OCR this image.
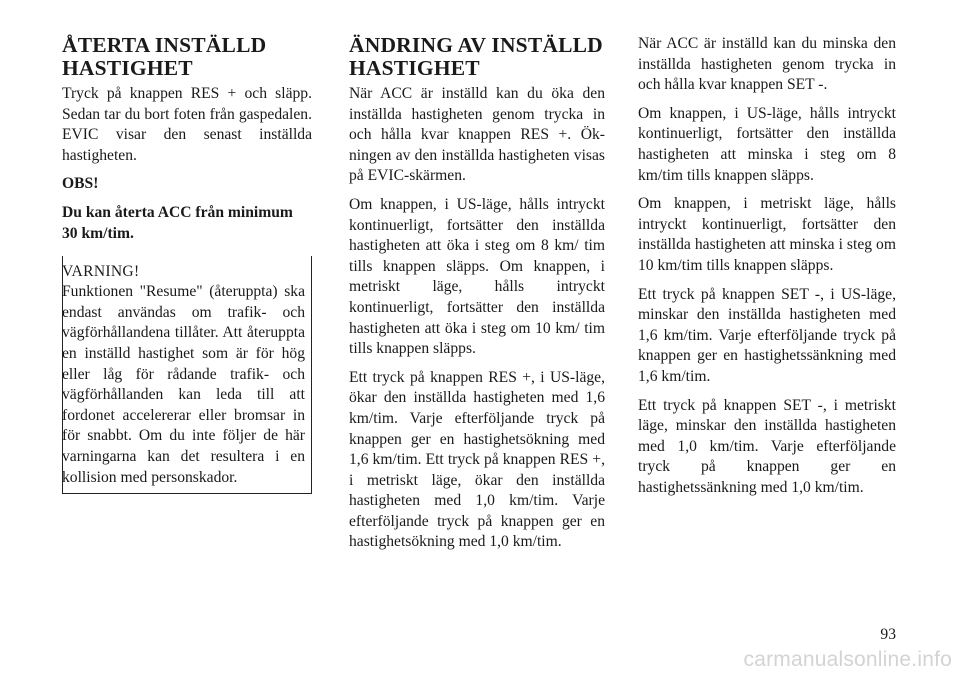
ÅTERTA INSTÄLLD HASTIGHET

Tryck på knappen RES + och släpp. Sedan tar du bort foten från gaspedalen. EVIC visar den senast inställda hastigheten.

OBS!

Du kan återta ACC från minimum 30 km/tim.

VARNING!

Funktionen "Resume" (återuppta) ska endast användas om trafik- och vägförhållandena tillåter. Att återuppta en inställd hastighet som är för hög eller låg för rådande trafik- och vägförhållanden kan leda till att fordonet accelererar eller bromsar in för snabbt. Om du inte följer de här varningarna kan det resultera i en kollision med personskador.

ÄNDRING AV INSTÄLLD HASTIGHET

När ACC är inställd kan du öka den inställda hastigheten genom trycka in och hålla kvar knappen RES +. Ökningen av den inställda hastigheten visas på EVIC-skärmen.

Om knappen, i US-läge, hålls intryckt kontinuerligt, fortsätter den inställda hastigheten att öka i steg om 8 km/ tim tills knappen släpps. Om knappen, i metriskt läge, hålls intryckt kontinuerligt, fortsätter den inställda hastigheten att öka i steg om 10 km/ tim tills knappen släpps.

Ett tryck på knappen RES +, i US-läge, ökar den inställda hastigheten med 1,6 km/tim. Varje efterföljande tryck på knappen ger en hastighetsökning med 1,6 km/tim. Ett tryck på knappen RES +, i metriskt läge, ökar den inställda hastigheten med 1,0 km/tim. Varje efterföljande tryck på knappen ger en hastighetsökning med 1,0 km/tim.

När ACC är inställd kan du minska den inställda hastigheten genom trycka in och hålla kvar knappen SET -.

Om knappen, i US-läge, hålls intryckt kontinuerligt, fortsätter den inställda hastigheten att minska i steg om 8 km/tim tills knappen släpps.

Om knappen, i metriskt läge, hålls intryckt kontinuerligt, fortsätter den inställda hastigheten att minska i steg om 10 km/tim tills knappen släpps.

Ett tryck på knappen SET -, i US-läge, minskar den inställda hastigheten med 1,6 km/tim. Varje efterföljande tryck på knappen ger en hastighetssänkning med 1,6 km/tim.

Ett tryck på knappen SET -, i metriskt läge, minskar den inställda hastigheten med 1,0 km/tim. Varje efterföljande tryck på knappen ger en hastighetssänkning med 1,0 km/tim.

93
carmanualsonline.info
